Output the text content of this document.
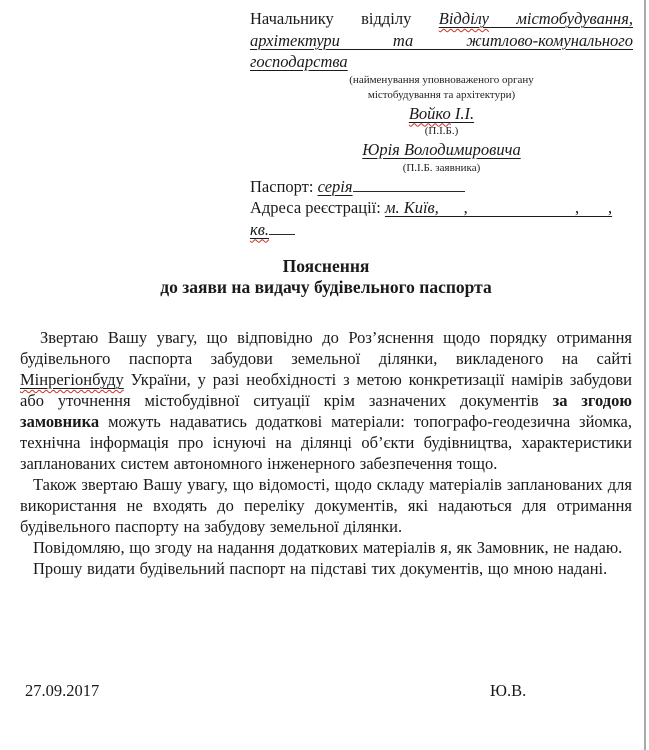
Начальнику відділу Відділу містобудування, архітектури та житлово-комунального господарства

(найменування уповноваженого органу
містобудування та архітектури)

Войко І.І.

(П.І.Б.)

Юрія Володимировича

(П.І.Б. заявника)

Паспорт: серія

Адреса реєстрації: м. Київ,      ,                          ,       ,

кв.

Пояснення
до заяви на видачу будівельного паспорта

Звертаю Вашу увагу, що відповідно до Роз’яснення щодо порядку отримання будівельного паспорта забудови земельної ділянки, викладеного на сайті Мінрегіонбуду України, у разі необхідності з метою конкретизації намірів забудови або уточнення містобудівної ситуації крім зазначених документів за згодою замовника можуть надаватись додаткові матеріали: топографо-геодезична зйомка, технічна інформація про існуючі на ділянці об’єкти будівництва, характеристики запланованих систем автономного інженерного забезпечення тощо.

Також звертаю Вашу увагу, що відомості, щодо складу матеріалів запланованих для використання не входять до переліку документів, які надаються для отримання будівельного паспорту на забудову земельної ділянки.

Повідомляю, що згоду на надання додаткових матеріалів я, як Замовник, не надаю.

Прошу видати будівельний паспорт на підставі тих документів, що мною надані.

27.09.2017	Ю.В.
